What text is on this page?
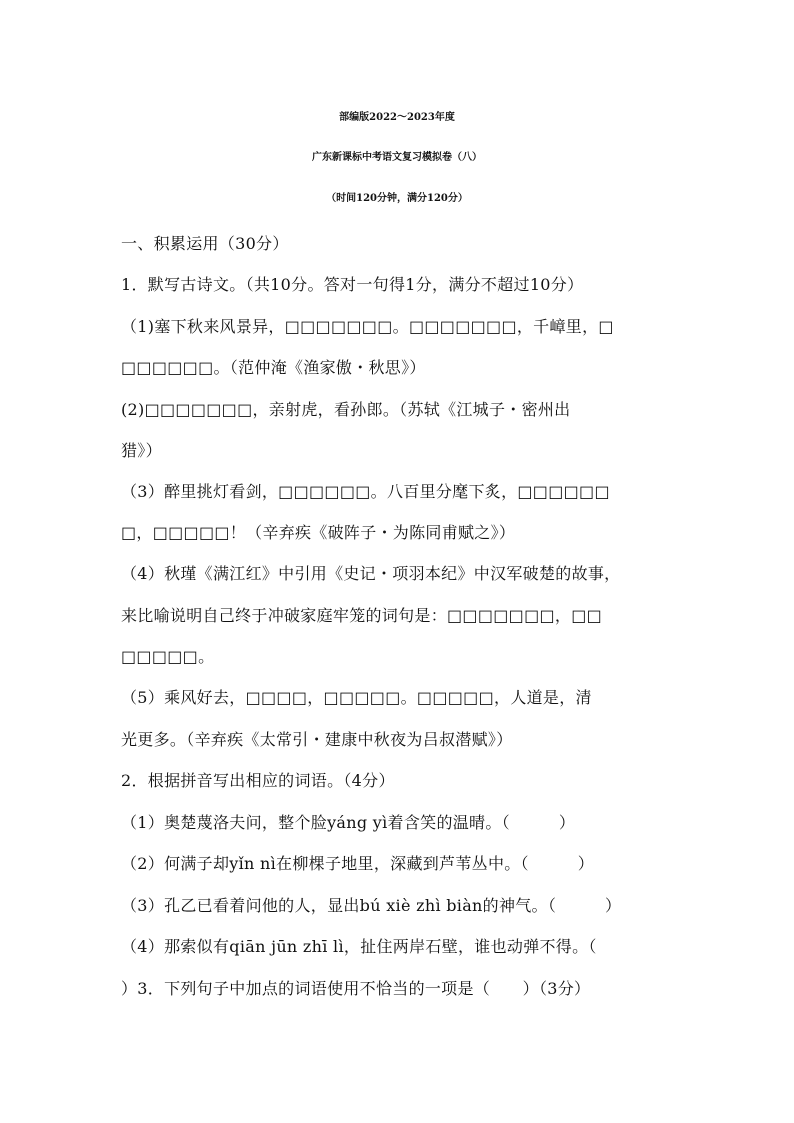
部编版2022～2023年度
广东新课标中考语文复习模拟卷（八）
（时间120分钟，满分120分）
一、积累运用（30分）
1．默写古诗文。（共10分。答对一句得1分，满分不超过10分）
（1)塞下秋来风景异，□□□□□□□。□□□□□□□，千嶂里，□
□□□□□□。（范仲淹《渔家傲・秋思》）
(2)□□□□□□□，亲射虎，看孙郎。（苏轼《江城子・密州出
猎》）
（3）醉里挑灯看剑，□□□□□□。八百里分麾下炙，□□□□□□
□，□□□□□！（辛弃疾《破阵子・为陈同甫赋之》）
（4）秋瑾《满江红》中引用《史记・项羽本纪》中汉军破楚的故事，
来比喻说明自己终于冲破家庭牢笼的词句是：□□□□□□□，□□
□□□□□。
（5）乘风好去，□□□□，□□□□□。□□□□□，人道是，清
光更多。（辛弃疾《太常引・建康中秋夜为吕叔潜赋》）
2．根据拼音写出相应的词语。（4分）
（1）奥楚蔑洛夫问，整个脸yáng yì着含笑的温晴。（　　　）
（2）何满子却yǐn nì在柳棵子地里，深藏到芦苇丛中。（　　　）
（3）孔乙已看着问他的人，显出bú xiè zhì biàn的神气。（　　　）
（4）那索似有qiān jūn zhī lì，扯住两岸石壁，谁也动弹不得。（
）3．下列句子中加点的词语使用不恰当的一项是（　　）（3分）
